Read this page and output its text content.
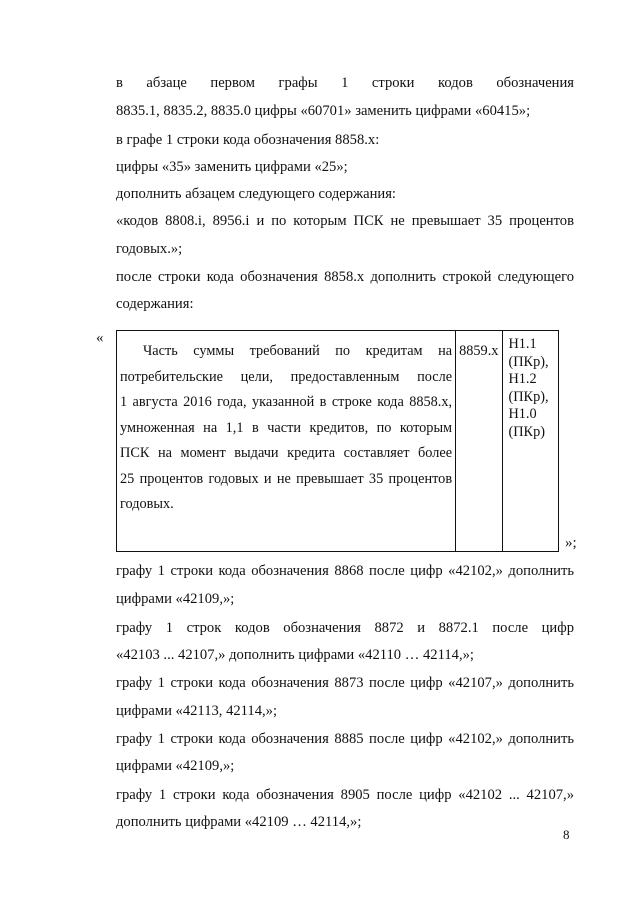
в абзаце первом графы 1 строки кодов обозначения
8835.1, 8835.2, 8835.0 цифры «60701» заменить цифрами «60415»;
в графе 1 строки кода обозначения 8858.х:
цифры «35» заменить цифрами «25»;
дополнить абзацем следующего содержания:
«кодов 8808.i, 8956.i и по которым ПСК не превышает 35 процентов
годовых.»;
после строки кода обозначения 8858.х дополнить строкой следующего
содержания:
«
Часть суммы требований по кредитам на
потребительские цели, предоставленным после
1 августа 2016 года, указанной в строке кода 8858.х,
умноженная на 1,1 в части кредитов, по которым
ПСК на момент выдачи кредита составляет более
25 процентов годовых и не превышает 35 процентов
годовых.

8859.х	Н1.1
(ПКр),
Н1.2
(ПКр),
Н1.0
(ПКр)
»;
графу 1 строки кода обозначения 8868 после цифр «42102,» дополнить
цифрами «42109,»;
графу 1 строк кодов обозначения 8872 и 8872.1 после цифр
«42103 ... 42107,» дополнить цифрами «42110 … 42114,»;
графу 1 строки кода обозначения 8873 после цифр «42107,» дополнить
цифрами «42113, 42114,»;
графу 1 строки кода обозначения 8885 после цифр «42102,» дополнить
цифрами «42109,»;
графу 1 строки кода обозначения 8905 после цифр «42102 ... 42107,»
дополнить цифрами «42109 … 42114,»;
8
